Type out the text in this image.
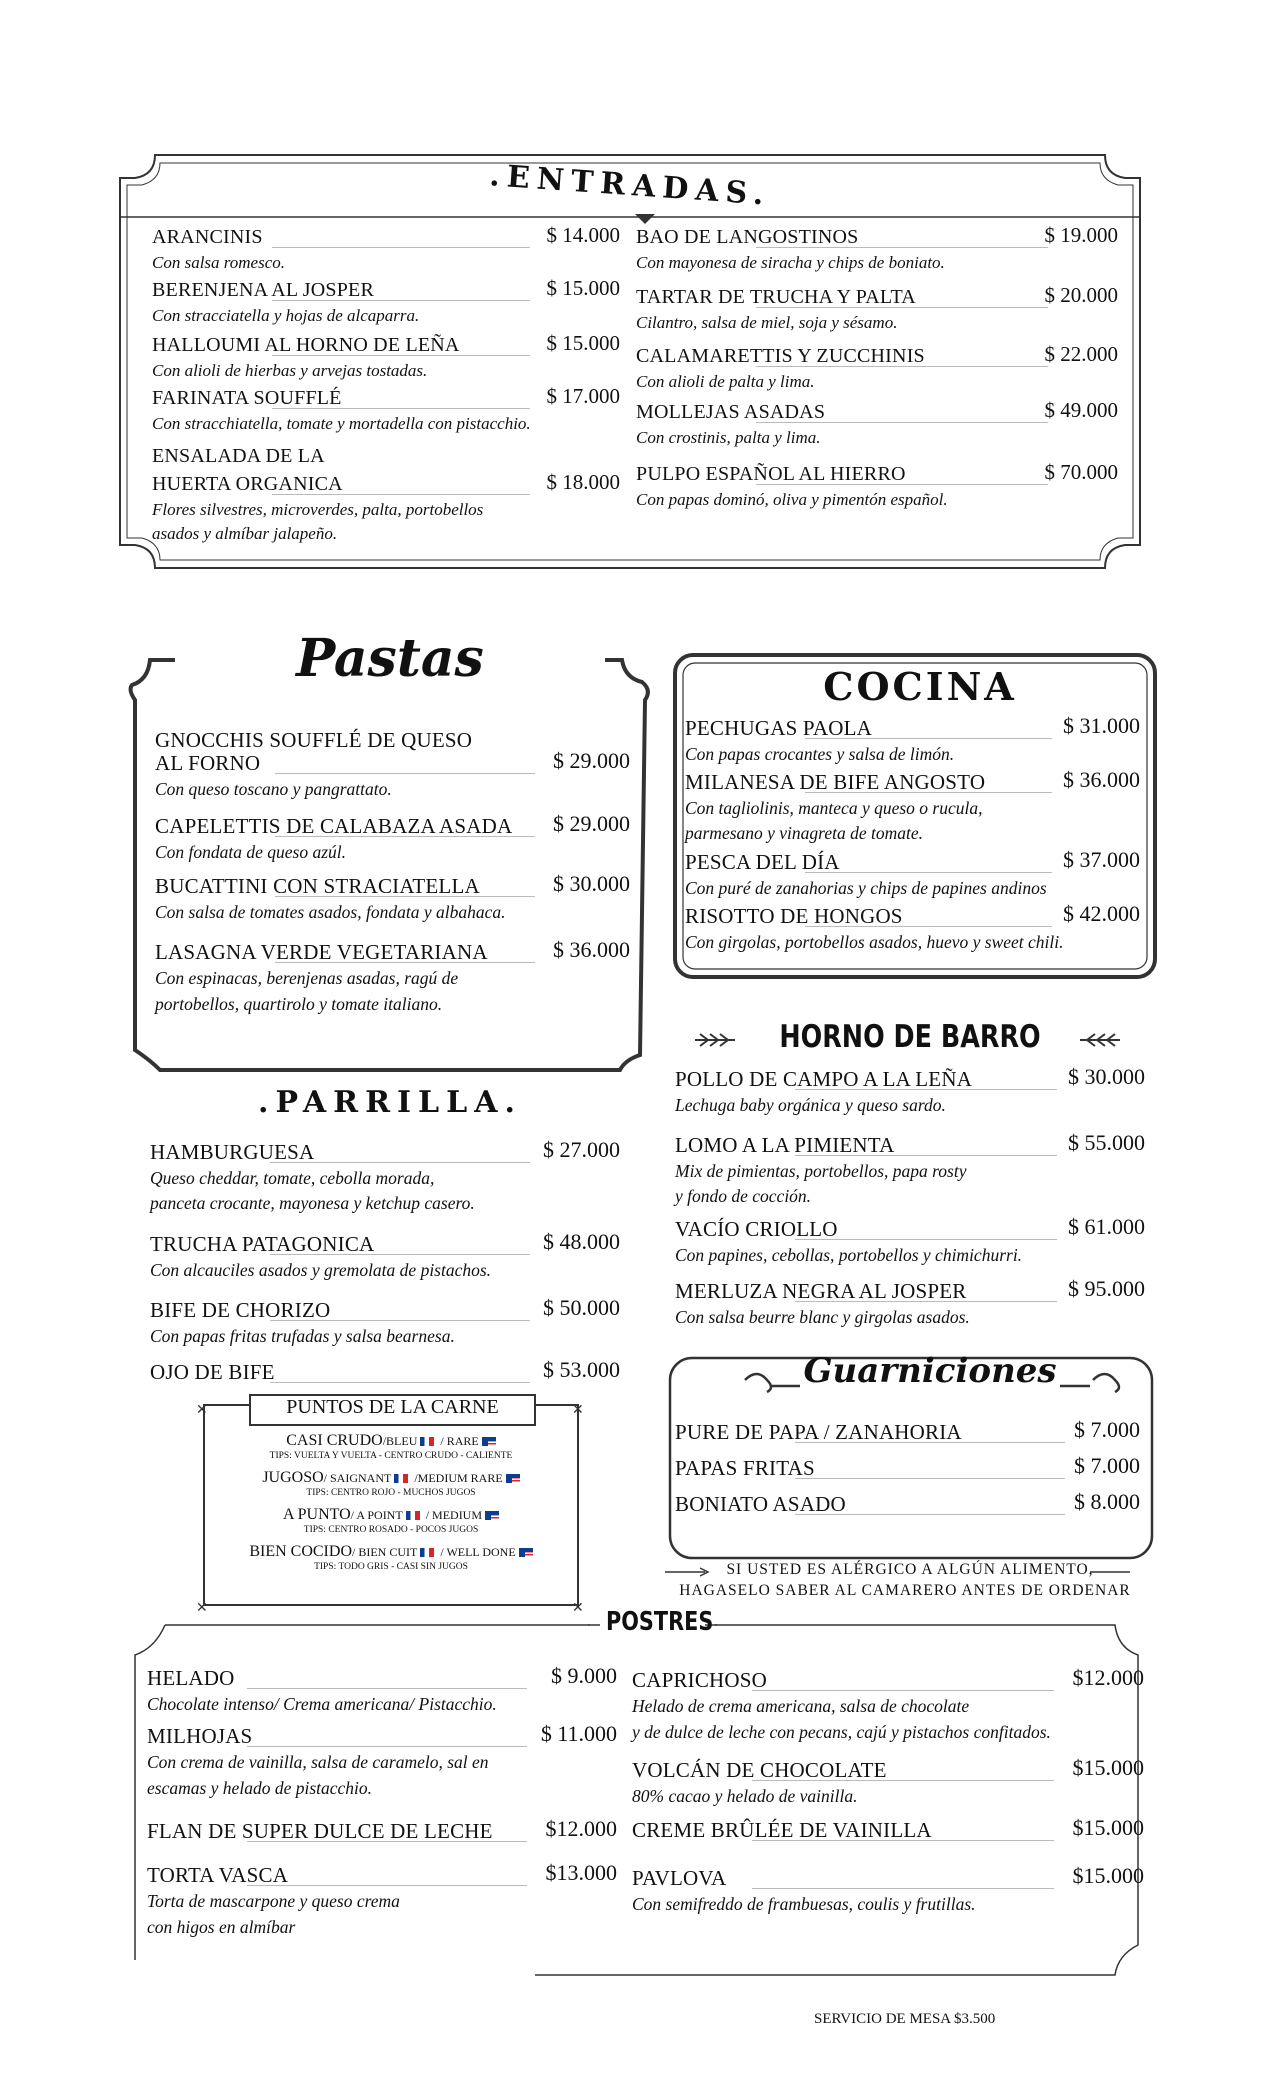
✕	✕
✕	✕
.ENTRADAS.
Pastas	COCINA
HORNO DE BARRO
.PARRILLA.
Guarniciones
PUNTOS DE LA CARNE
POSTRES
SI USTED ES ALÉRGICO A ALGÚN ALIMENTO,
HAGASELO SABER AL CAMARERO ANTES DE ORDENAR
SERVICIO DE MESA $3.500
ARANCINIS	$ 14.000
Con salsa romesco.
BERENJENA AL JOSPER	$ 15.000
Con stracciatella y hojas de alcaparra.
HALLOUMI AL HORNO DE LEÑA	$ 15.000
Con alioli de hierbas y arvejas tostadas.
FARINATA SOUFFLÉ	$ 17.000
Con stracchiatella, tomate y mortadella con pistacchio.
ENSALADA DE LA
HUERTA ORGANICA	$ 18.000
Flores silvestres, microverdes, palta, portobellos
asados y almíbar jalapeño.
BAO DE LANGOSTINOS	$ 19.000
Con mayonesa de siracha y chips de boniato.
TARTAR DE TRUCHA Y PALTA	$ 20.000
Cilantro, salsa de miel, soja y sésamo.
CALAMARETTIS Y ZUCCHINIS	$ 22.000
Con alioli de palta y lima.
MOLLEJAS ASADAS	$ 49.000
Con crostinis, palta y lima.
PULPO ESPAÑOL AL HIERRO	$ 70.000
Con papas dominó, oliva y pimentón español.
GNOCCHIS SOUFFLÉ DE QUESO
AL FORNO	$ 29.000
Con queso toscano y pangrattato.
CAPELETTIS DE CALABAZA ASADA $ 29.000
Con fondata de queso azúl.
BUCATTINI CON STRACIATELLA	$ 30.000
Con salsa de tomates asados, fondata y albahaca.
LASAGNA VERDE VEGETARIANA	$ 36.000
Con espinacas, berenjenas asadas, ragú de
portobellos, quartirolo y tomate italiano.
PECHUGAS PAOLA	$ 31.000
Con papas crocantes y salsa de limón.
MILANESA DE BIFE ANGOSTO	$ 36.000
Con tagliolinis, manteca y queso o rucula,
parmesano y vinagreta de tomate.
PESCA DEL DÍA	$ 37.000
Con puré de zanahorias y chips de papines andinos
RISOTTO DE HONGOS	$ 42.000
Con girgolas, portobellos asados, huevo y sweet chili.
POLLO DE CAMPO A LA LEÑA	$ 30.000
Lechuga baby orgánica y queso sardo.
LOMO A LA PIMIENTA	$ 55.000
Mix de pimientas, portobellos, papa rosty
y fondo de cocción.
VACÍO CRIOLLO	$ 61.000
Con papines, cebollas, portobellos y chimichurri.
MERLUZA NEGRA AL JOSPER	$ 95.000
Con salsa beurre blanc y girgolas asados.
HAMBURGUESA	$ 27.000
Queso cheddar, tomate, cebolla morada,
panceta crocante, mayonesa y ketchup casero.
TRUCHA PATAGONICA	$ 48.000
Con alcauciles asados y gremolata de pistachos.
BIFE DE CHORIZO	$ 50.000
Con papas fritas trufadas y salsa bearnesa.
OJO DE BIFE	$ 53.000
PURE DE PAPA / ZANAHORIA	$ 7.000
PAPAS FRITAS	$ 7.000
BONIATO ASADO	$ 8.000
CASI CRUDO/BLEU / RARE
TIPS: VUELTA Y VUELTA - CENTRO CRUDO - CALIENTE
JUGOSO/ SAIGNANT /MEDIUM RARE
TIPS: CENTRO ROJO - MUCHOS JUGOS
A PUNTO/ A POINT / MEDIUM
TIPS: CENTRO ROSADO - POCOS JUGOS
BIEN COCIDO/ BIEN CUIT / WELL DONE
TIPS: TODO GRIS - CASI SIN JUGOS
HELADO	$ 9.000
Chocolate intenso/ Crema americana/ Pistacchio.
MILHOJAS	$ 11.000
Con crema de vainilla, salsa de caramelo, sal en
escamas y helado de pistacchio.
FLAN DE SUPER DULCE DE LECHE $12.000
TORTA VASCA	$13.000
Torta de mascarpone y queso crema
con higos en almíbar
CAPRICHOSO	$12.000
Helado de crema americana, salsa de chocolate
y de dulce de leche con pecans, cajú y pistachos confitados.
VOLCÁN DE CHOCOLATE	$15.000
80% cacao y helado de vainilla.
CREME BRÛLÉE DE VAINILLA	$15.000
PAVLOVA	$15.000
Con semifreddo de frambuesas, coulis y frutillas.
